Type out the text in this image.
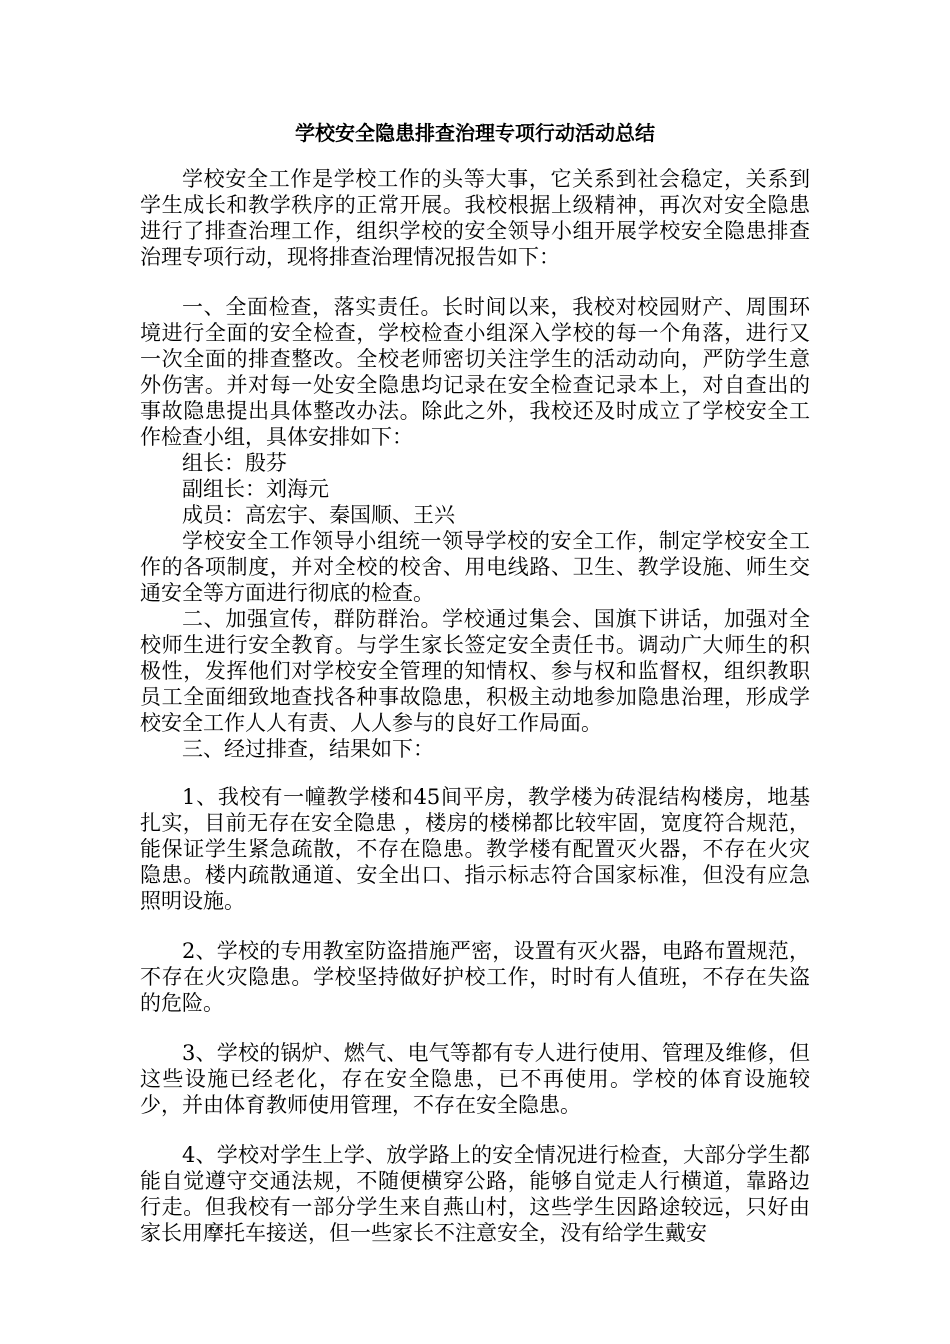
学校安全隐患排查治理专项行动活动总结

学校安全工作是学校工作的头等大事，它关系到社会稳定，关系到学生成长和教学秩序的正常开展。我校根据上级精神，再次对安全隐患进行了排查治理工作，组织学校的安全领导小组开展学校安全隐患排查治理专项行动，现将排查治理情况报告如下：

一、全面检查，落实责任。长时间以来，我校对校园财产、周围环境进行全面的安全检查，学校检查小组深入学校的每一个角落，进行又一次全面的排查整改。全校老师密切关注学生的活动动向，严防学生意外伤害。并对每一处安全隐患均记录在安全检查记录本上，对自查出的事故隐患提出具体整改办法。除此之外，我校还及时成立了学校安全工作检查小组，具体安排如下：

组长：殷芬

副组长：刘海元

成员：高宏宇、秦国顺、王兴

学校安全工作领导小组统一领导学校的安全工作，制定学校安全工作的各项制度，并对全校的校舍、用电线路、卫生、教学设施、师生交通安全等方面进行彻底的检查。

二、加强宣传，群防群治。学校通过集会、国旗下讲话，加强对全校师生进行安全教育。与学生家长签定安全责任书。调动广大师生的积极性，发挥他们对学校安全管理的知情权、参与权和监督权，组织教职员工全面细致地查找各种事故隐患，积极主动地参加隐患治理，形成学校安全工作人人有责、人人参与的良好工作局面。

三、经过排查，结果如下：

1、我校有一幢教学楼和45间平房，教学楼为砖混结构楼房，地基扎实，目前无存在安全隐患 ，楼房的楼梯都比较牢固，宽度符合规范，能保证学生紧急疏散，不存在隐患。教学楼有配置灭火器，不存在火灾隐患。楼内疏散通道、安全出口、指示标志符合国家标准，但没有应急照明设施。

2、学校的专用教室防盗措施严密，设置有灭火器，电路布置规范，不存在火灾隐患。学校坚持做好护校工作，时时有人值班，不存在失盗的危险。

3、学校的锅炉、燃气、电气等都有专人进行使用、管理及维修，但这些设施已经老化，存在安全隐患，已不再使用。学校的体育设施较少，并由体育教师使用管理，不存在安全隐患。

4、学校对学生上学、放学路上的安全情况进行检查，大部分学生都能自觉遵守交通法规，不随便横穿公路，能够自觉走人行横道，靠路边行走。但我校有一部分学生来自燕山村，这些学生因路途较远，只好由家长用摩托车接送，但一些家长不注意安全，没有给学生戴安
